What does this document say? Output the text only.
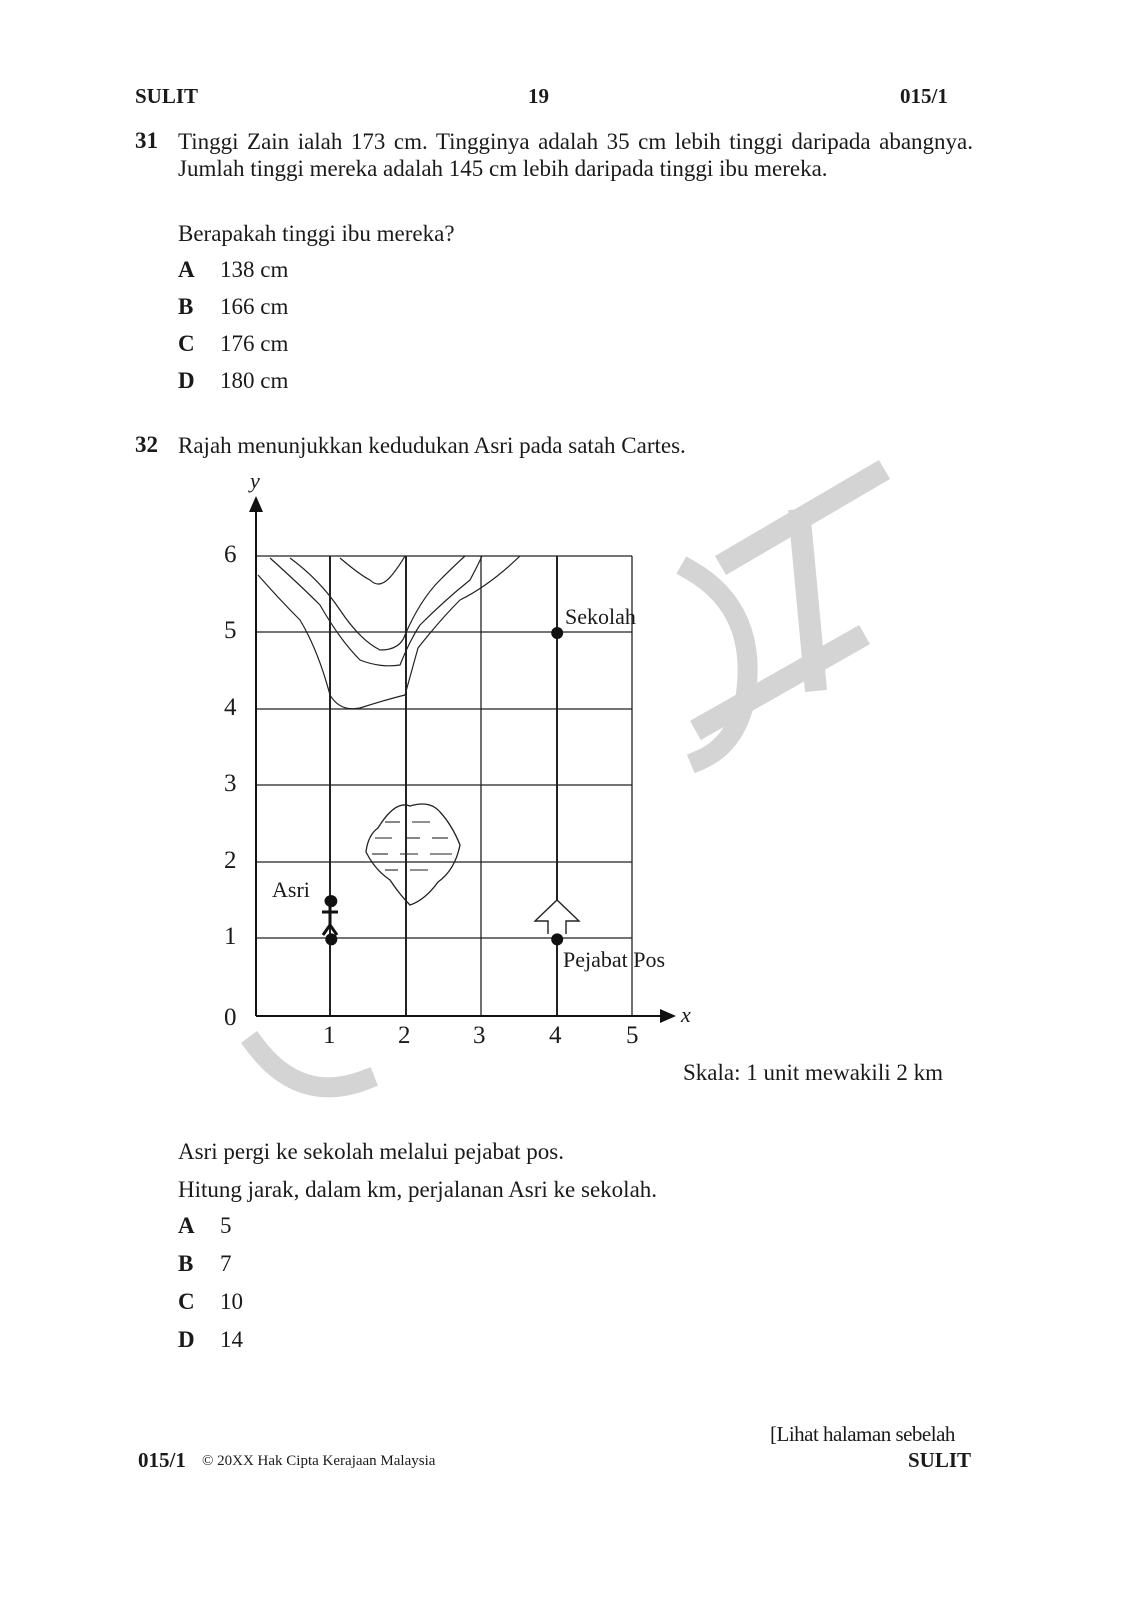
SULIT	19	015/1
31 Tinggi Zain ialah 173 cm. Tingginya adalah 35 cm lebih tinggi daripada abangnya. Jumlah tinggi mereka adalah 145 cm lebih daripada tinggi ibu mereka.
Berapakah tinggi ibu mereka?
A 138 cm
B 166 cm
C 176 cm
D 180 cm
32 Rajah menunjukkan kedudukan Asri pada satah Cartes.
y
x
6
5
4
3
2
1
0
1	2	3	4	5
Asri
Sekolah
Pejabat Pos
Skala: 1 unit mewakili 2 km
Asri pergi ke sekolah melalui pejabat pos.
Hitung jarak, dalam km, perjalanan Asri ke sekolah.
A 5
B 7
C 10
D 14
[Lihat halaman sebelah
015/1 © 20XX Hak Cipta Kerajaan Malaysia	SULIT
